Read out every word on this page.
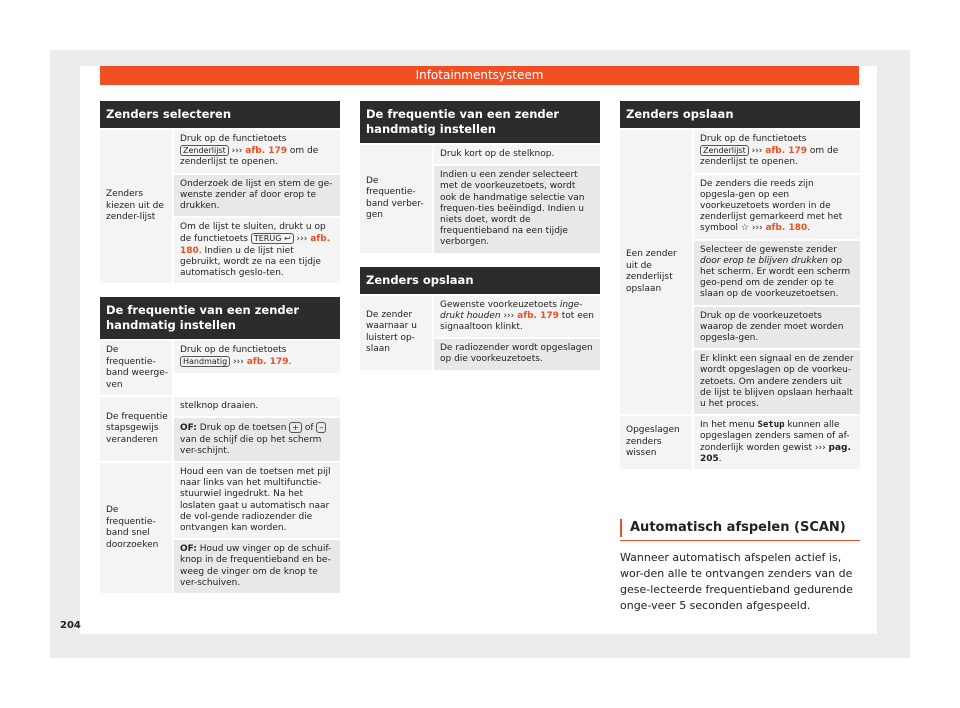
Infotainmentsysteem
Zenders selecteren
Zenders kiezen uit de zender-lijst
Druk op de functietoets Zenderlijst ››› afb. 179 om de zenderlijst te openen.
Onderzoek de lijst en stem de ge-wenste zender af door erop te drukken.
Om de lijst te sluiten, drukt u op de functietoets TERUG ↩ ››› afb. 180. Indien u de lijst niet gebruikt, wordt ze na een tijdje automatisch geslo-ten.
De frequentie van een zender handmatig instellen
De frequentie-band weerge-ven
Druk op de functietoets Handmatig ››› afb. 179.
De frequentie stapsgewijs veranderen
stelknop draaien.
OF: Druk op de toetsen + of – van de schijf die op het scherm ver-schijnt.
De frequentie-band snel doorzoeken
Houd een van de toetsen met pijl naar links van het multifunctie-stuurwiel ingedrukt. Na het loslaten gaat u automatisch naar de vol-gende radiozender die ontvangen kan worden.
OF: Houd uw vinger op de schuif-knop in de frequentieband en be-weeg de vinger om de knop te ver-schuiven.
De frequentie van een zender handmatig instellen
De frequentie-band verber-gen
Druk kort op de stelknop.
Indien u een zender selecteert met de voorkeuzetoets, wordt ook de handmatige selectie van frequen-ties beëindigd. Indien u niets doet, wordt de frequentieband na een tijdje verborgen.
Zenders opslaan
De zender waarnaar u luistert op-slaan
Gewenste voorkeuzetoets inge-drukt houden ››› afb. 179 tot een signaaltoon klinkt.
De radiozender wordt opgeslagen op die voorkeuzetoets.
Zenders opslaan
Een zender uit de zenderlijst opslaan
Druk op de functietoets Zenderlijst ››› afb. 179 om de zenderlijst te openen.
De zenders die reeds zijn opgesla-gen op een voorkeuzetoets worden in de zenderlijst gemarkeerd met het symbool ☆ ››› afb. 180.
Selecteer de gewenste zender door erop te blijven drukken op het scherm. Er wordt een scherm geo-pend om de zender op te slaan op de voorkeuzetoetsen.
Druk op de voorkeuzetoets waarop de zender moet worden opgesla-gen.
Er klinkt een signaal en de zender wordt opgeslagen op de voorkeu-zetoets. Om andere zenders uit de lijst te blijven opslaan herhaalt u het proces.
Opgeslagen zenders wissen
In het menu Setup kunnen alle opgeslagen zenders samen of af-zonderlijk worden gewist ››› pag. 205.
Automatisch afspelen (SCAN)
Wanneer automatisch afspelen actief is, wor-den alle te ontvangen zenders van de gese-lecteerde frequentieband gedurende onge-veer 5 seconden afgespeeld.
204
